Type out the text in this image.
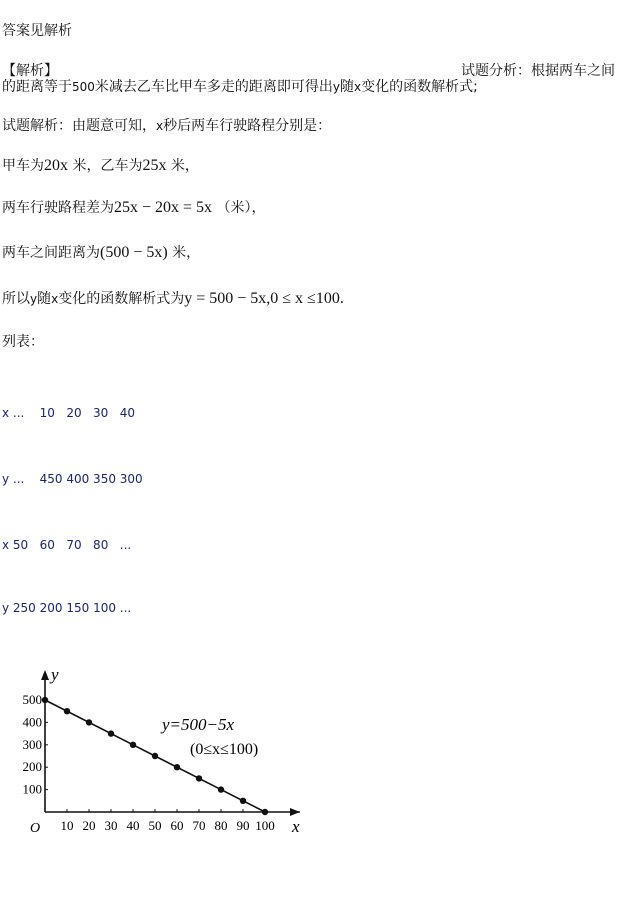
答案见解析
【解析】	试题分析：根据两车之间
的距离等于500米减去乙车比甲车多走的距离即可得出y随x变化的函数解析式;
试题解析：由题意可知，x秒后两车行驶路程分别是：
甲车为20x 米，乙车为25x 米，
两车行驶路程差为25x − 20x = 5x （米），
两车之间距离为(500 − 5x) 米，
所以y随x变化的函数解析式为y = 500 − 5x,0 ≤ x ≤100.
列表：
x ...    10   20   30   40
y ...    450 400 350 300
x 50   60   70   80   ...
y 250 200 150 100 ...
x
y
O 10 20 30 40 50 60 70 80 90 100
100
200
300
400
500
y=500−5x
(0≤x≤100)
